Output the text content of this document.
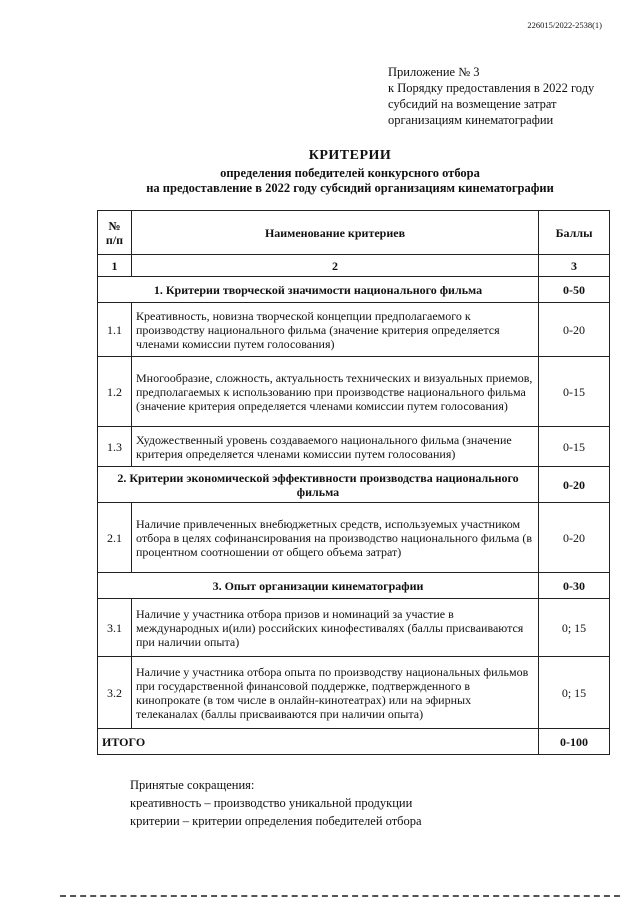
226015/2022-2538(1)
Приложение № 3
к Порядку предоставления в 2022 году
субсидий на возмещение затрат
организациям кинематографии
КРИТЕРИИ
определения победителей конкурсного отбора
на предоставление в 2022 году субсидий организациям кинематографии
№ п/п	Наименование критериев	Баллы
1	2	3
1. Критерии творческой значимости национального фильма		0-50
1.1	Креативность, новизна творческой концепции предполагаемого к производству национального фильма (значение критерия определяется членами комиссии путем голосования)	0-20
1.2	Многообразие, сложность, актуальность технических и визуальных приемов, предполагаемых к использованию при производстве национального фильма (значение критерия определяется членами комиссии путем голосования)	0-15
1.3	Художественный уровень создаваемого национального фильма (значение критерия определяется членами комиссии путем голосования)	0-15
2. Критерии экономической эффективности производства национального фильма		0-20
2.1	Наличие привлеченных внебюджетных средств, используемых участником отбора в целях софинансирования на производство национального фильма (в процентном соотношении от общего объема затрат)	0-20
3. Опыт организации кинематографии		0-30
3.1	Наличие у участника отбора призов и номинаций за участие в международных и(или) российских кинофестивалях (баллы присваиваются при наличии опыта)	0; 15
3.2	Наличие у участника отбора опыта по производству национальных фильмов при государственной финансовой поддержке, подтвержденного в кинопрокате (в том числе в онлайн-кинотеатрах) или на эфирных телеканалах (баллы присваиваются при наличии опыта)	0; 15
ИТОГО		0-100
Принятые сокращения:
креативность – производство уникальной продукции
критерии – критерии определения победителей отбора
